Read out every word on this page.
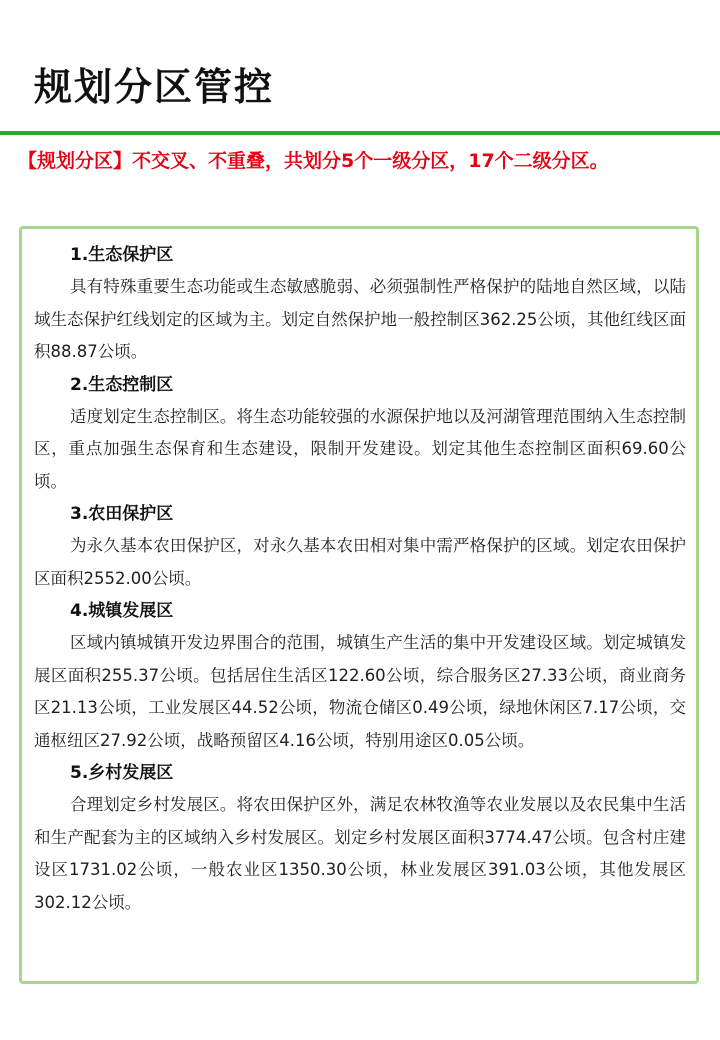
规划分区管控
【规划分区】不交叉、不重叠，共划分5个一级分区，17个二级分区。

1.生态保护区

具有特殊重要生态功能或生态敏感脆弱、必须强制性严格保护的陆地自然区域，以陆域生态保护红线划定的区域为主。划定自然保护地一般控制区362.25公顷，其他红线区面积88.87公顷。

2.生态控制区

适度划定生态控制区。将生态功能较强的水源保护地以及河湖管理范围纳入生态控制区，重点加强生态保育和生态建设，限制开发建设。划定其他生态控制区面积69.60公顷。

3.农田保护区

为永久基本农田保护区，对永久基本农田相对集中需严格保护的区域。划定农田保护区面积2552.00公顷。

4.城镇发展区

区域内镇城镇开发边界围合的范围，城镇生产生活的集中开发建设区域。划定城镇发展区面积255.37公顷。包括居住生活区122.60公顷，综合服务区27.33公顷，商业商务区21.13公顷，工业发展区44.52公顷，物流仓储区0.49公顷，绿地休闲区7.17公顷，交通枢纽区27.92公顷，战略预留区4.16公顷，特别用途区0.05公顷。

5.乡村发展区

合理划定乡村发展区。将农田保护区外，满足农林牧渔等农业发展以及农民集中生活和生产配套为主的区域纳入乡村发展区。划定乡村发展区面积3774.47公顷。包含村庄建设区1731.02公顷，一般农业区1350.30公顷，林业发展区391.03公顷，其他发展区302.12公顷。
